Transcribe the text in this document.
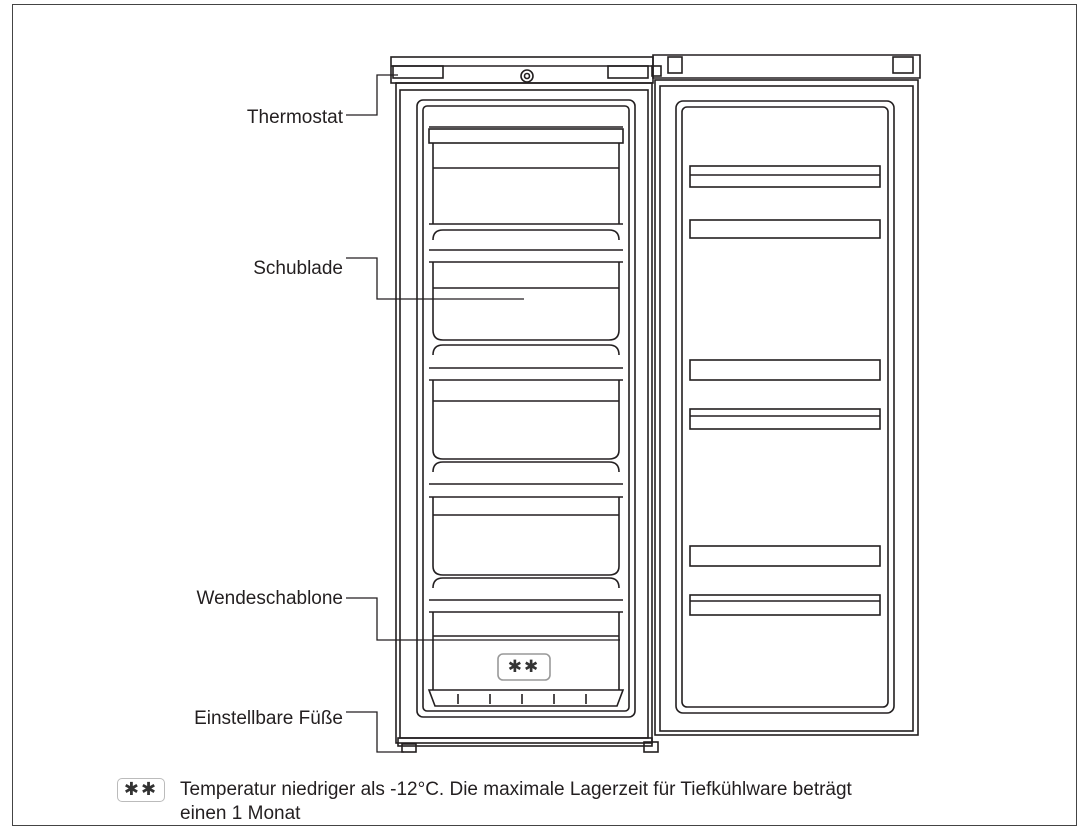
Thermostat
Schublade
Wendeschablone
Einstellbare Füße
✱✱
✱✱	Temperatur niedriger als -12°C. Die maximale Lagerzeit für Tiefkühlware beträgt
einen 1 Monat
